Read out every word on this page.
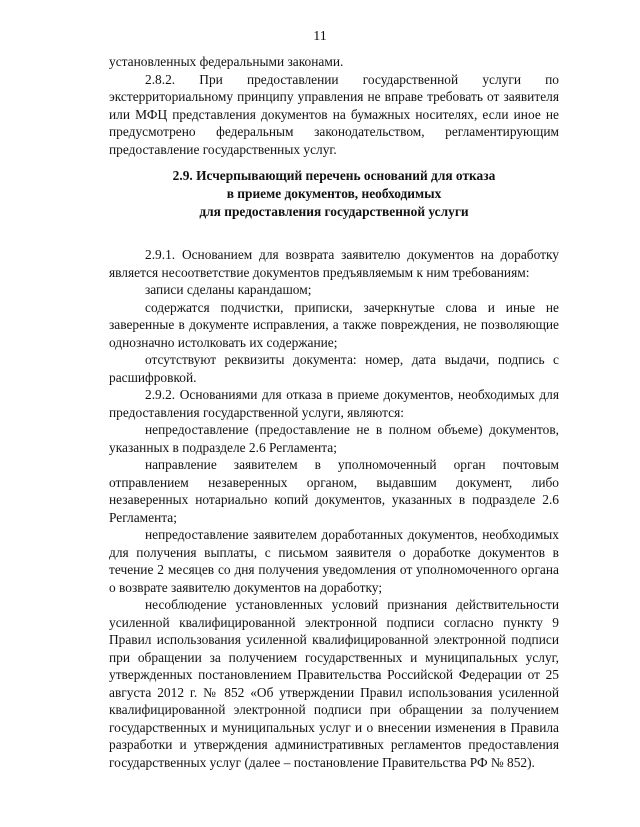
11

установленных федеральными законами.

2.8.2. При предоставлении государственной услуги по экстерриториальному принципу управления не вправе требовать от заявителя или МФЦ представления документов на бумажных носителях, если иное не предусмотрено федеральным законодательством, регламентирующим предоставление государственных услуг.

2.9. Исчерпывающий перечень оснований для отказа
в приеме документов, необходимых
для предоставления государственной услуги

2.9.1. Основанием для возврата заявителю документов на доработку является несоответствие документов предъявляемым к ним требованиям:

записи сделаны карандашом;

содержатся подчистки, приписки, зачеркнутые слова и иные не заверенные в документе исправления, а также повреждения, не позволяющие однозначно истолковать их содержание;

отсутствуют реквизиты документа: номер, дата выдачи, подпись с расшифровкой.

2.9.2. Основаниями для отказа в приеме документов, необходимых для предоставления государственной услуги, являются:

непредоставление (предоставление не в полном объеме) документов, указанных в подразделе 2.6 Регламента;

направление заявителем в уполномоченный орган почтовым отправлением незаверенных органом, выдавшим документ, либо незаверенных нотариально копий документов, указанных в подразделе 2.6 Регламента;

непредоставление заявителем доработанных документов, необходимых для получения выплаты, с письмом заявителя о доработке документов в течение 2 месяцев со дня получения уведомления от уполномоченного органа о возврате заявителю документов на доработку;

несоблюдение установленных условий признания действительности усиленной квалифицированной электронной подписи согласно пункту 9 Правил использования усиленной квалифицированной электронной подписи при обращении за получением государственных и муниципальных услуг, утвержденных постановлением Правительства Российской Федерации от 25 августа 2012 г. № 852 «Об утверждении Правил использования усиленной квалифицированной электронной подписи при обращении за получением государственных и муниципальных услуг и о внесении изменения в Правила разработки и утверждения административных регламентов предоставления государственных услуг (далее – постановление Правительства РФ № 852).
